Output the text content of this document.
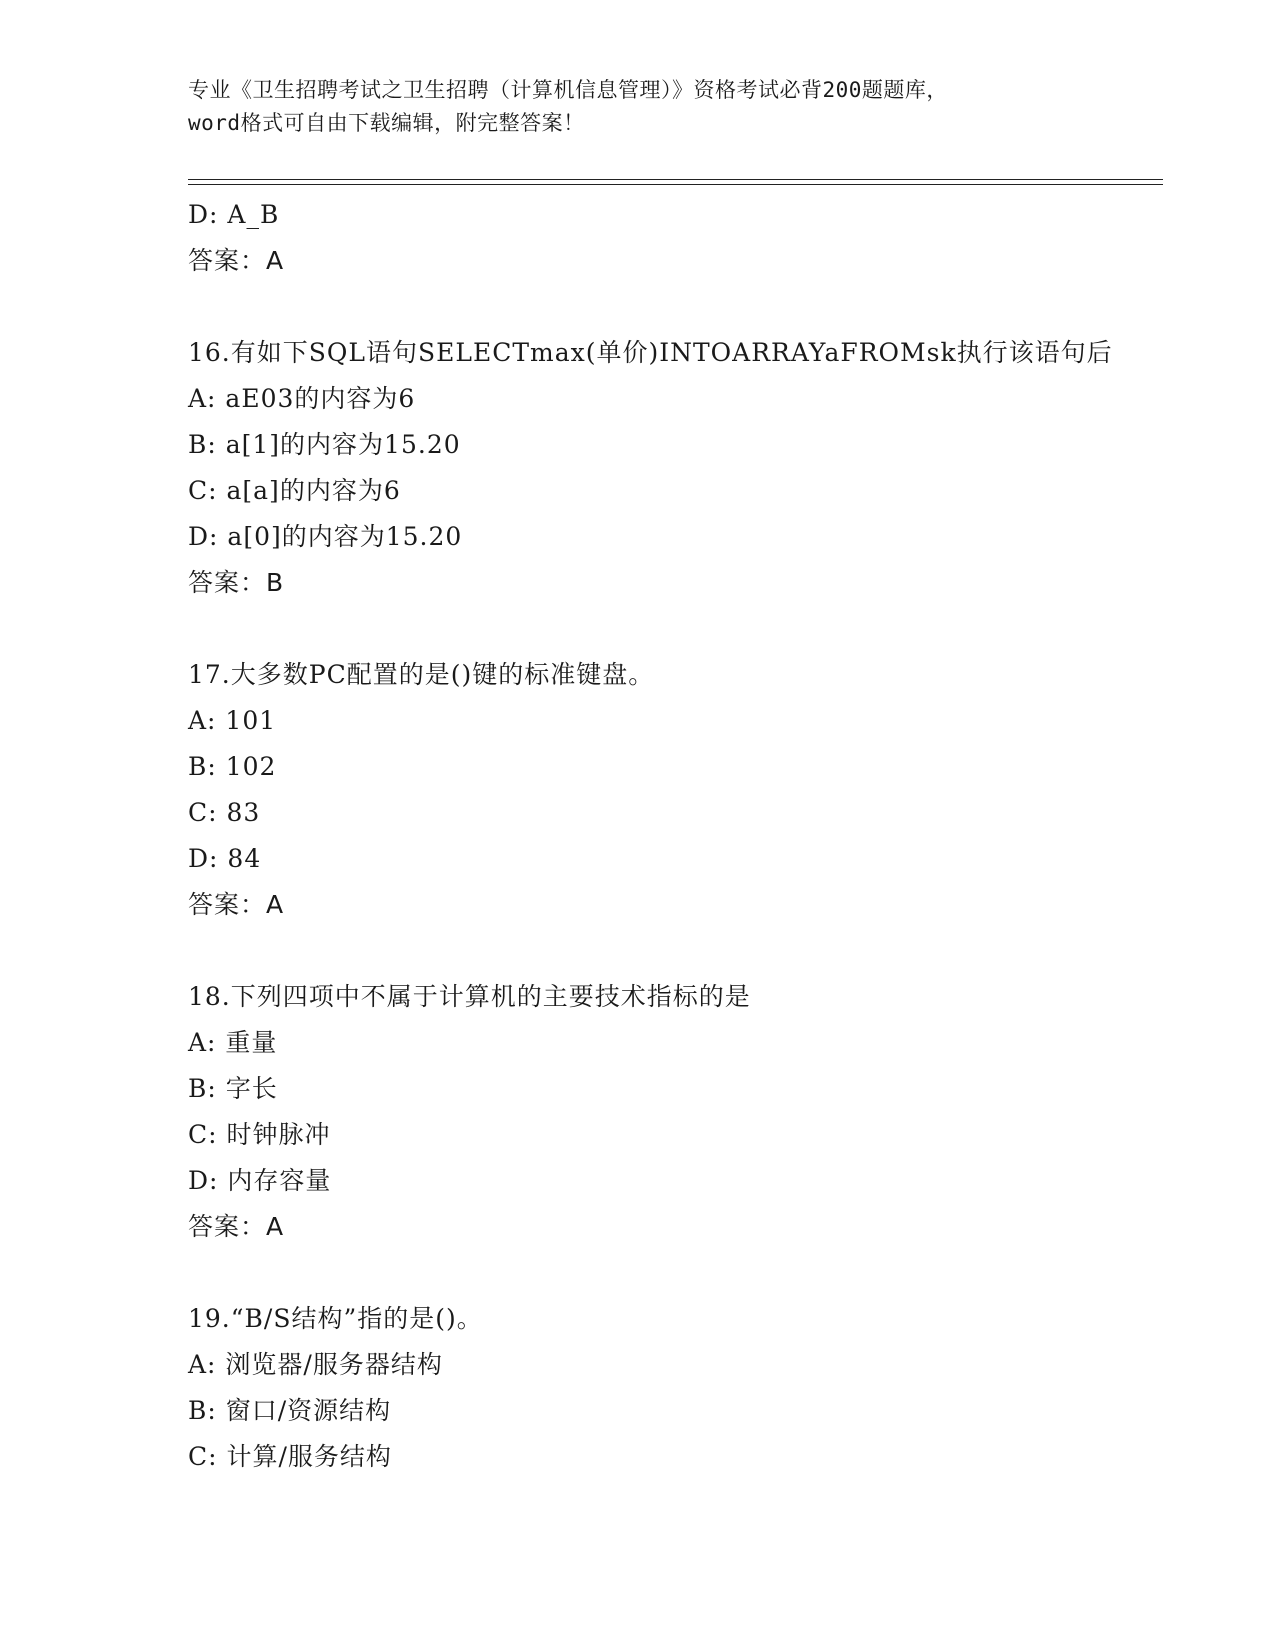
专业《卫生招聘考试之卫生招聘（计算机信息管理）》资格考试必背200题题库，
word格式可自由下载编辑，附完整答案！
D: A_B
答案：A
16.有如下SQL语句SELECTmax(单价)INTOARRAYaFROMsk执行该语句后
A: aE03的内容为6
B: a[1]的内容为15.20
C: a[a]的内容为6
D: a[0]的内容为15.20
答案：B
17.大多数PC配置的是()键的标准键盘。
A: 101
B: 102
C: 83
D: 84
答案：A
18.下列四项中不属于计算机的主要技术指标的是
A: 重量
B: 字长
C: 时钟脉冲
D: 内存容量
答案：A
19.“B/S结构”指的是()。
A: 浏览器/服务器结构
B: 窗口/资源结构
C: 计算/服务结构
